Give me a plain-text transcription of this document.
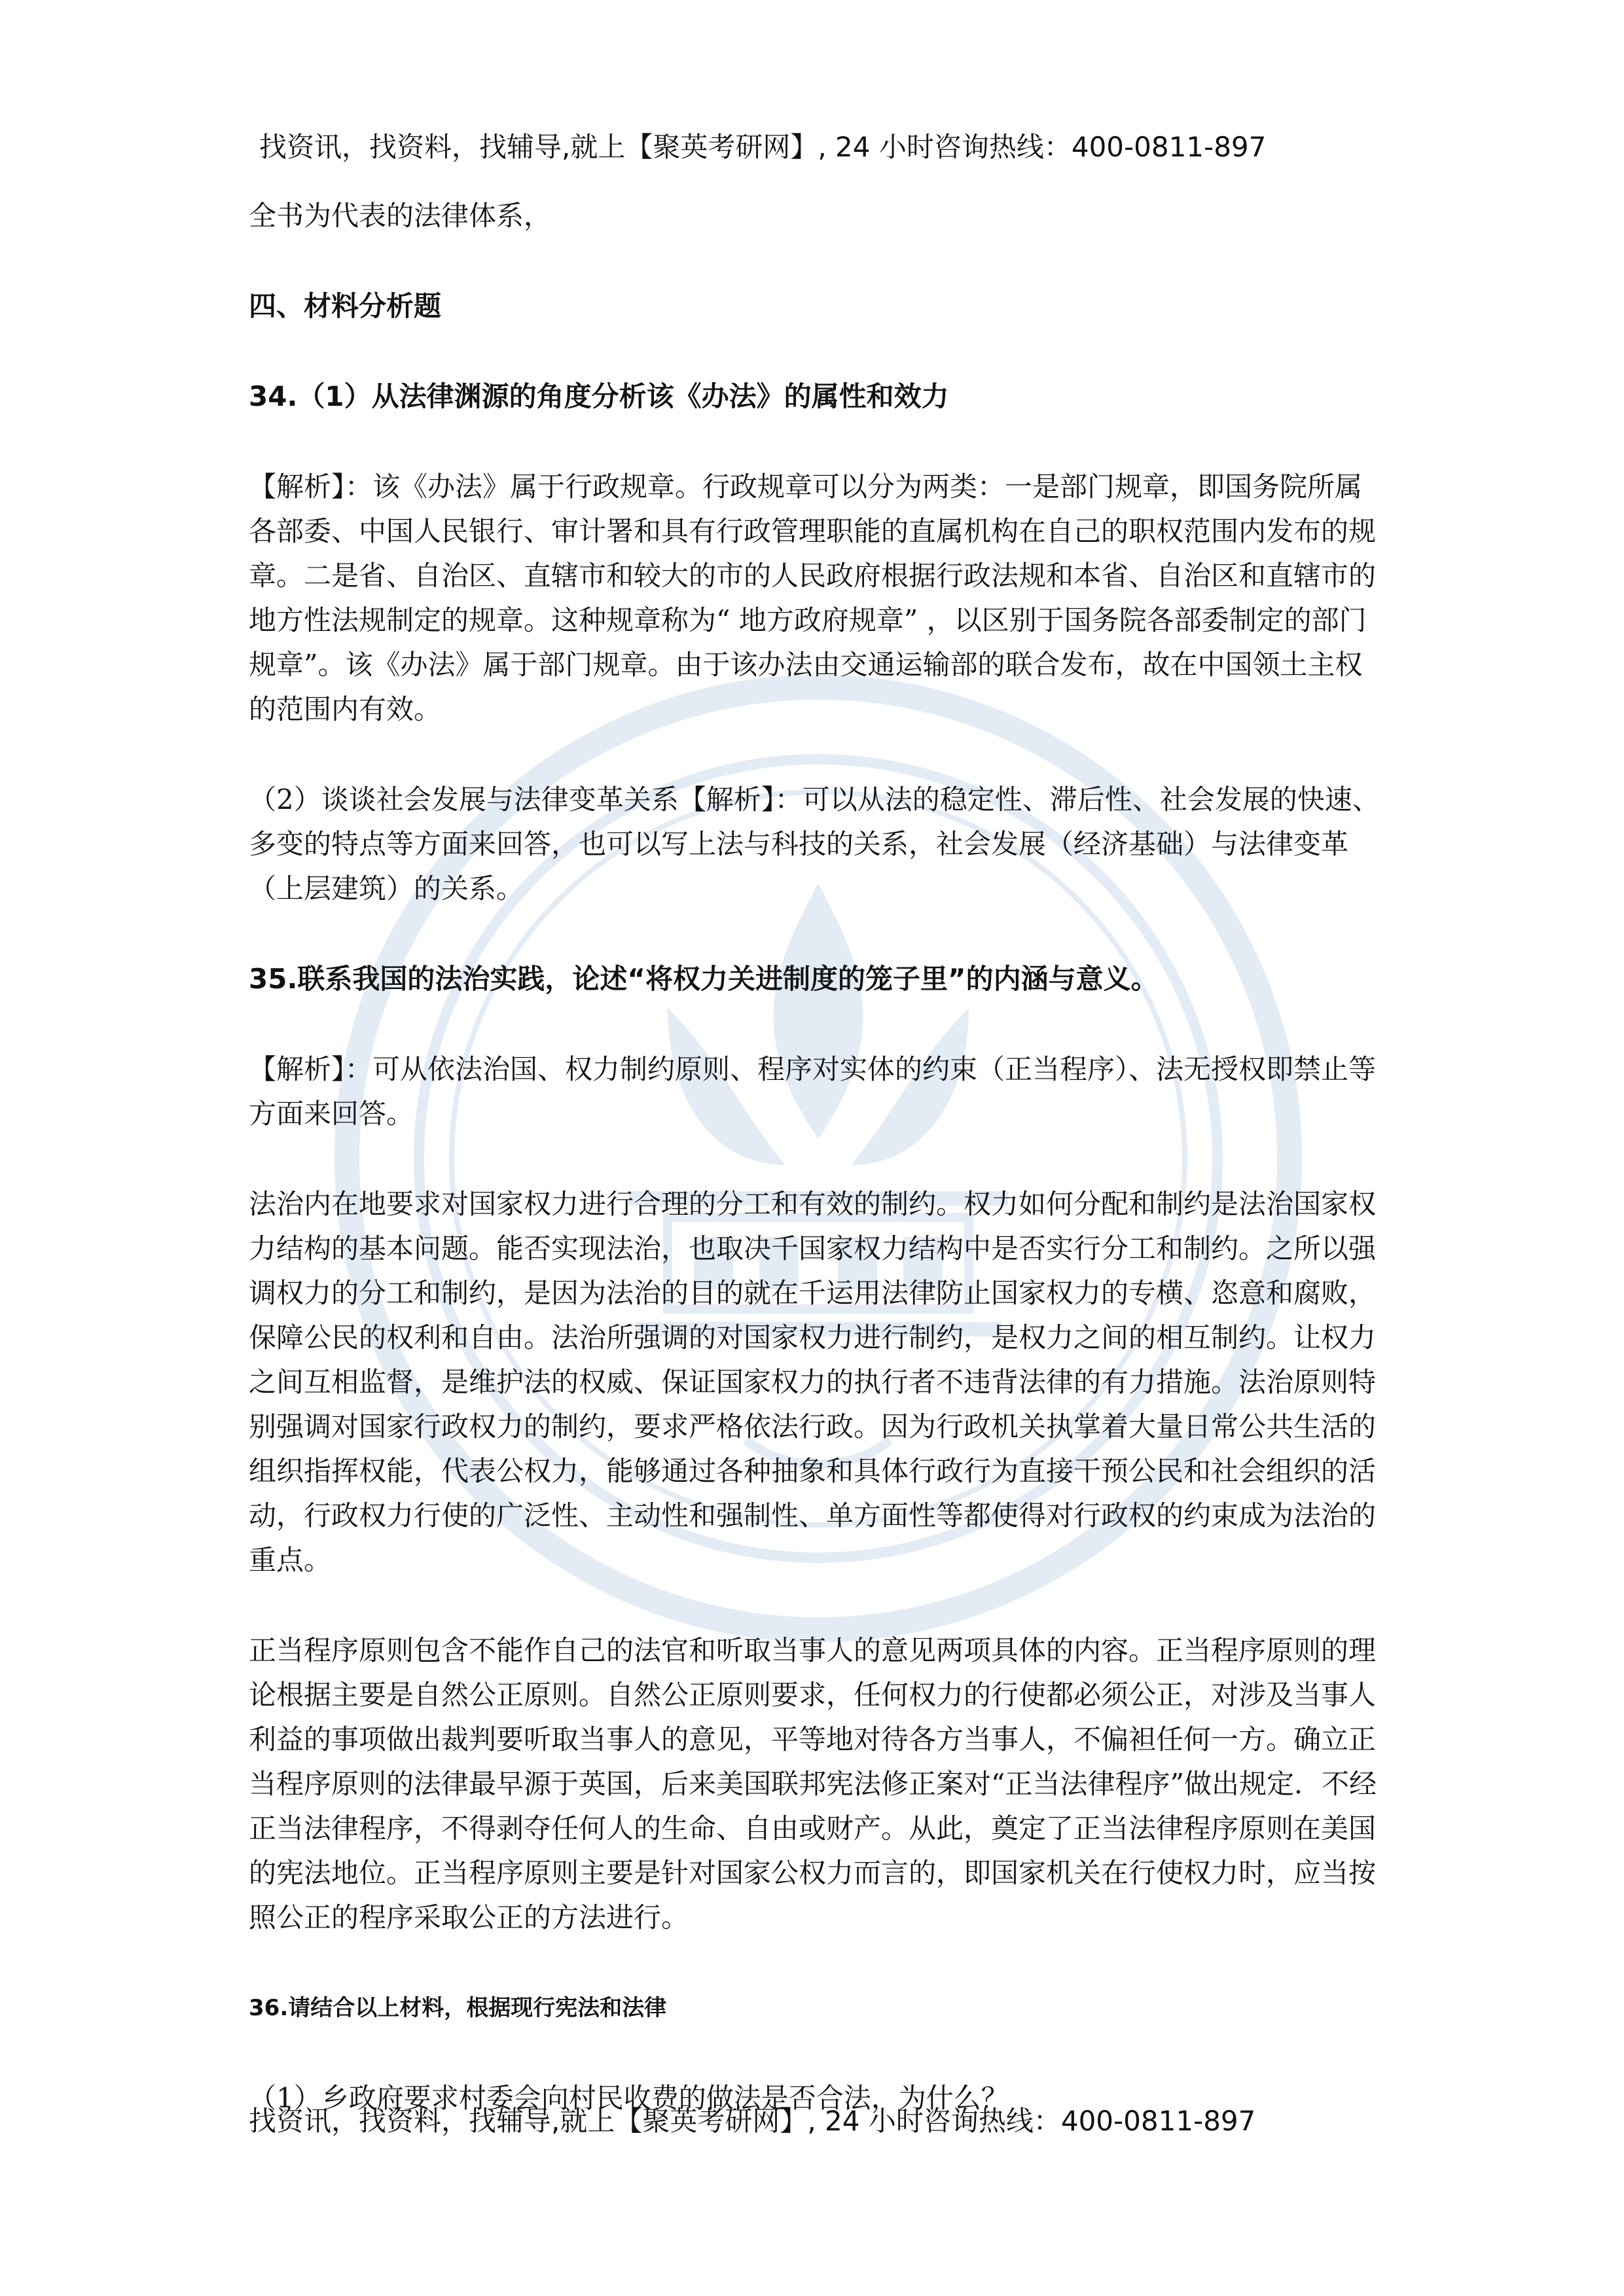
找资讯，找资料，找辅导,就上【聚英考研网】, 24 小时咨询热线：400-0811-897

全书为代表的法律体系，

四、材料分析题

34.（1）从法律渊源的角度分析该《办法》的属性和效力

【解析】：该《办法》属于行政规章。行政规章可以分为两类：一是部门规章，即国务院所属各部委、中国人民银行、审计署和具有行政管理职能的直属机构在自己的职权范围内发布的规章。二是省、自治区、直辖市和较大的市的人民政府根据行政法规和本省、自治区和直辖市的地方性法规制定的规章。这种规章称为“ 地方政府规章” ，以区别于国务院各部委制定的部门规章”。该《办法》属于部门规章。由于该办法由交通运输部的联合发布，故在中国领土主权的范围内有效。

（2）谈谈社会发展与法律变革关系【解析】：可以从法的稳定性、滞后性、社会发展的快速、多变的特点等方面来回答，也可以写上法与科技的关系，社会发展（经济基础）与法律变革（上层建筑）的关系。

35.联系我国的法治实践，论述“将权力关进制度的笼子里”的内涵与意义。

【解析】：可从依法治国、权力制约原则、程序对实体的约束（正当程序）、法无授权即禁止等方面来回答。

法治内在地要求对国家权力进行合理的分工和有效的制约。权力如何分配和制约是法治国家权力结构的基本问题。能否实现法治，也取决千国家权力结构中是否实行分工和制约。之所以强调权力的分工和制约，是因为法治的目的就在千运用法律防止国家权力的专横、恣意和腐败，保障公民的权利和自由。法治所强调的对国家权力进行制约，是权力之间的相互制约。让权力之间互相监督，是维护法的权威、保证国家权力的执行者不违背法律的有力措施。法治原则特别强调对国家行政权力的制约，要求严格依法行政。因为行政机关执掌着大量日常公共生活的组织指挥权能，代表公权力，能够通过各种抽象和具体行政行为直接干预公民和社会组织的活动，行政权力行使的广泛性、主动性和强制性、单方面性等都使得对行政权的约束成为法治的重点。

正当程序原则包含不能作自己的法官和听取当事人的意见两项具体的内容。正当程序原则的理论根据主要是自然公正原则。自然公正原则要求，任何权力的行使都必须公正，对涉及当事人利益的事项做出裁判要听取当事人的意见，平等地对待各方当事人，不偏袒任何一方。确立正当程序原则的法律最早源于英国，后来美国联邦宪法修正案对“正当法律程序”做出规定．不经正当法律程序，不得剥夺任何人的生命、自由或财产。从此，奠定了正当法律程序原则在美国的宪法地位。正当程序原则主要是针对国家公权力而言的，即国家机关在行使权力时，应当按照公正的程序采取公正的方法进行。

36.请结合以上材料，根据现行宪法和法律

（1）乡政府要求村委会向村民收费的做法是否合法，为什么？

找资讯，找资料，找辅导,就上【聚英考研网】, 24 小时咨询热线：400-0811-897
